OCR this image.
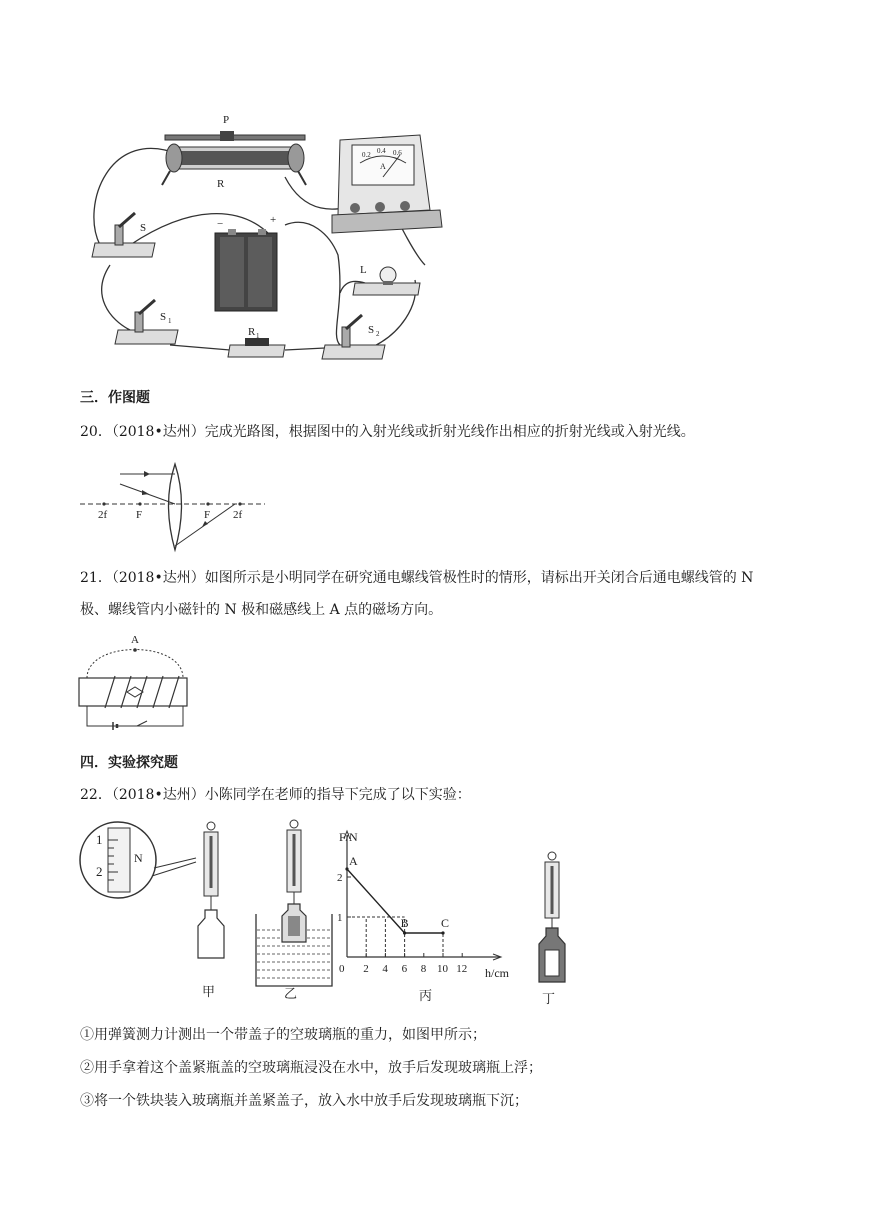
P
R
A
0.2 0.4 0.6
S	−	+
L
S 1
R 1	S 2
三．作图题
20．（2018•达州）完成光路图，根据图中的入射光线或折射光线作出相应的折射光线或入射光线。
2f	F	F 2f
21．（2018•达州）如图所示是小明同学在研究通电螺线管极性时的情形，请标出开关闭合后通电螺线管的 N
极、螺线管内小磁针的 N 极和磁感线上 A 点的磁场方向。
A
四．实验探究题
22．（2018•达州）小陈同学在老师的指导下完成了以下实验：
1
2
N
甲	乙
F/N
h/cm
0 2 4 6 8 10 12
1
2
A
B	C
丙	丁
①用弹簧测力计测出一个带盖子的空玻璃瓶的重力，如图甲所示；
②用手拿着这个盖紧瓶盖的空玻璃瓶浸没在水中，放手后发现玻璃瓶上浮；
③将一个铁块装入玻璃瓶并盖紧盖子，放入水中放手后发现玻璃瓶下沉；
